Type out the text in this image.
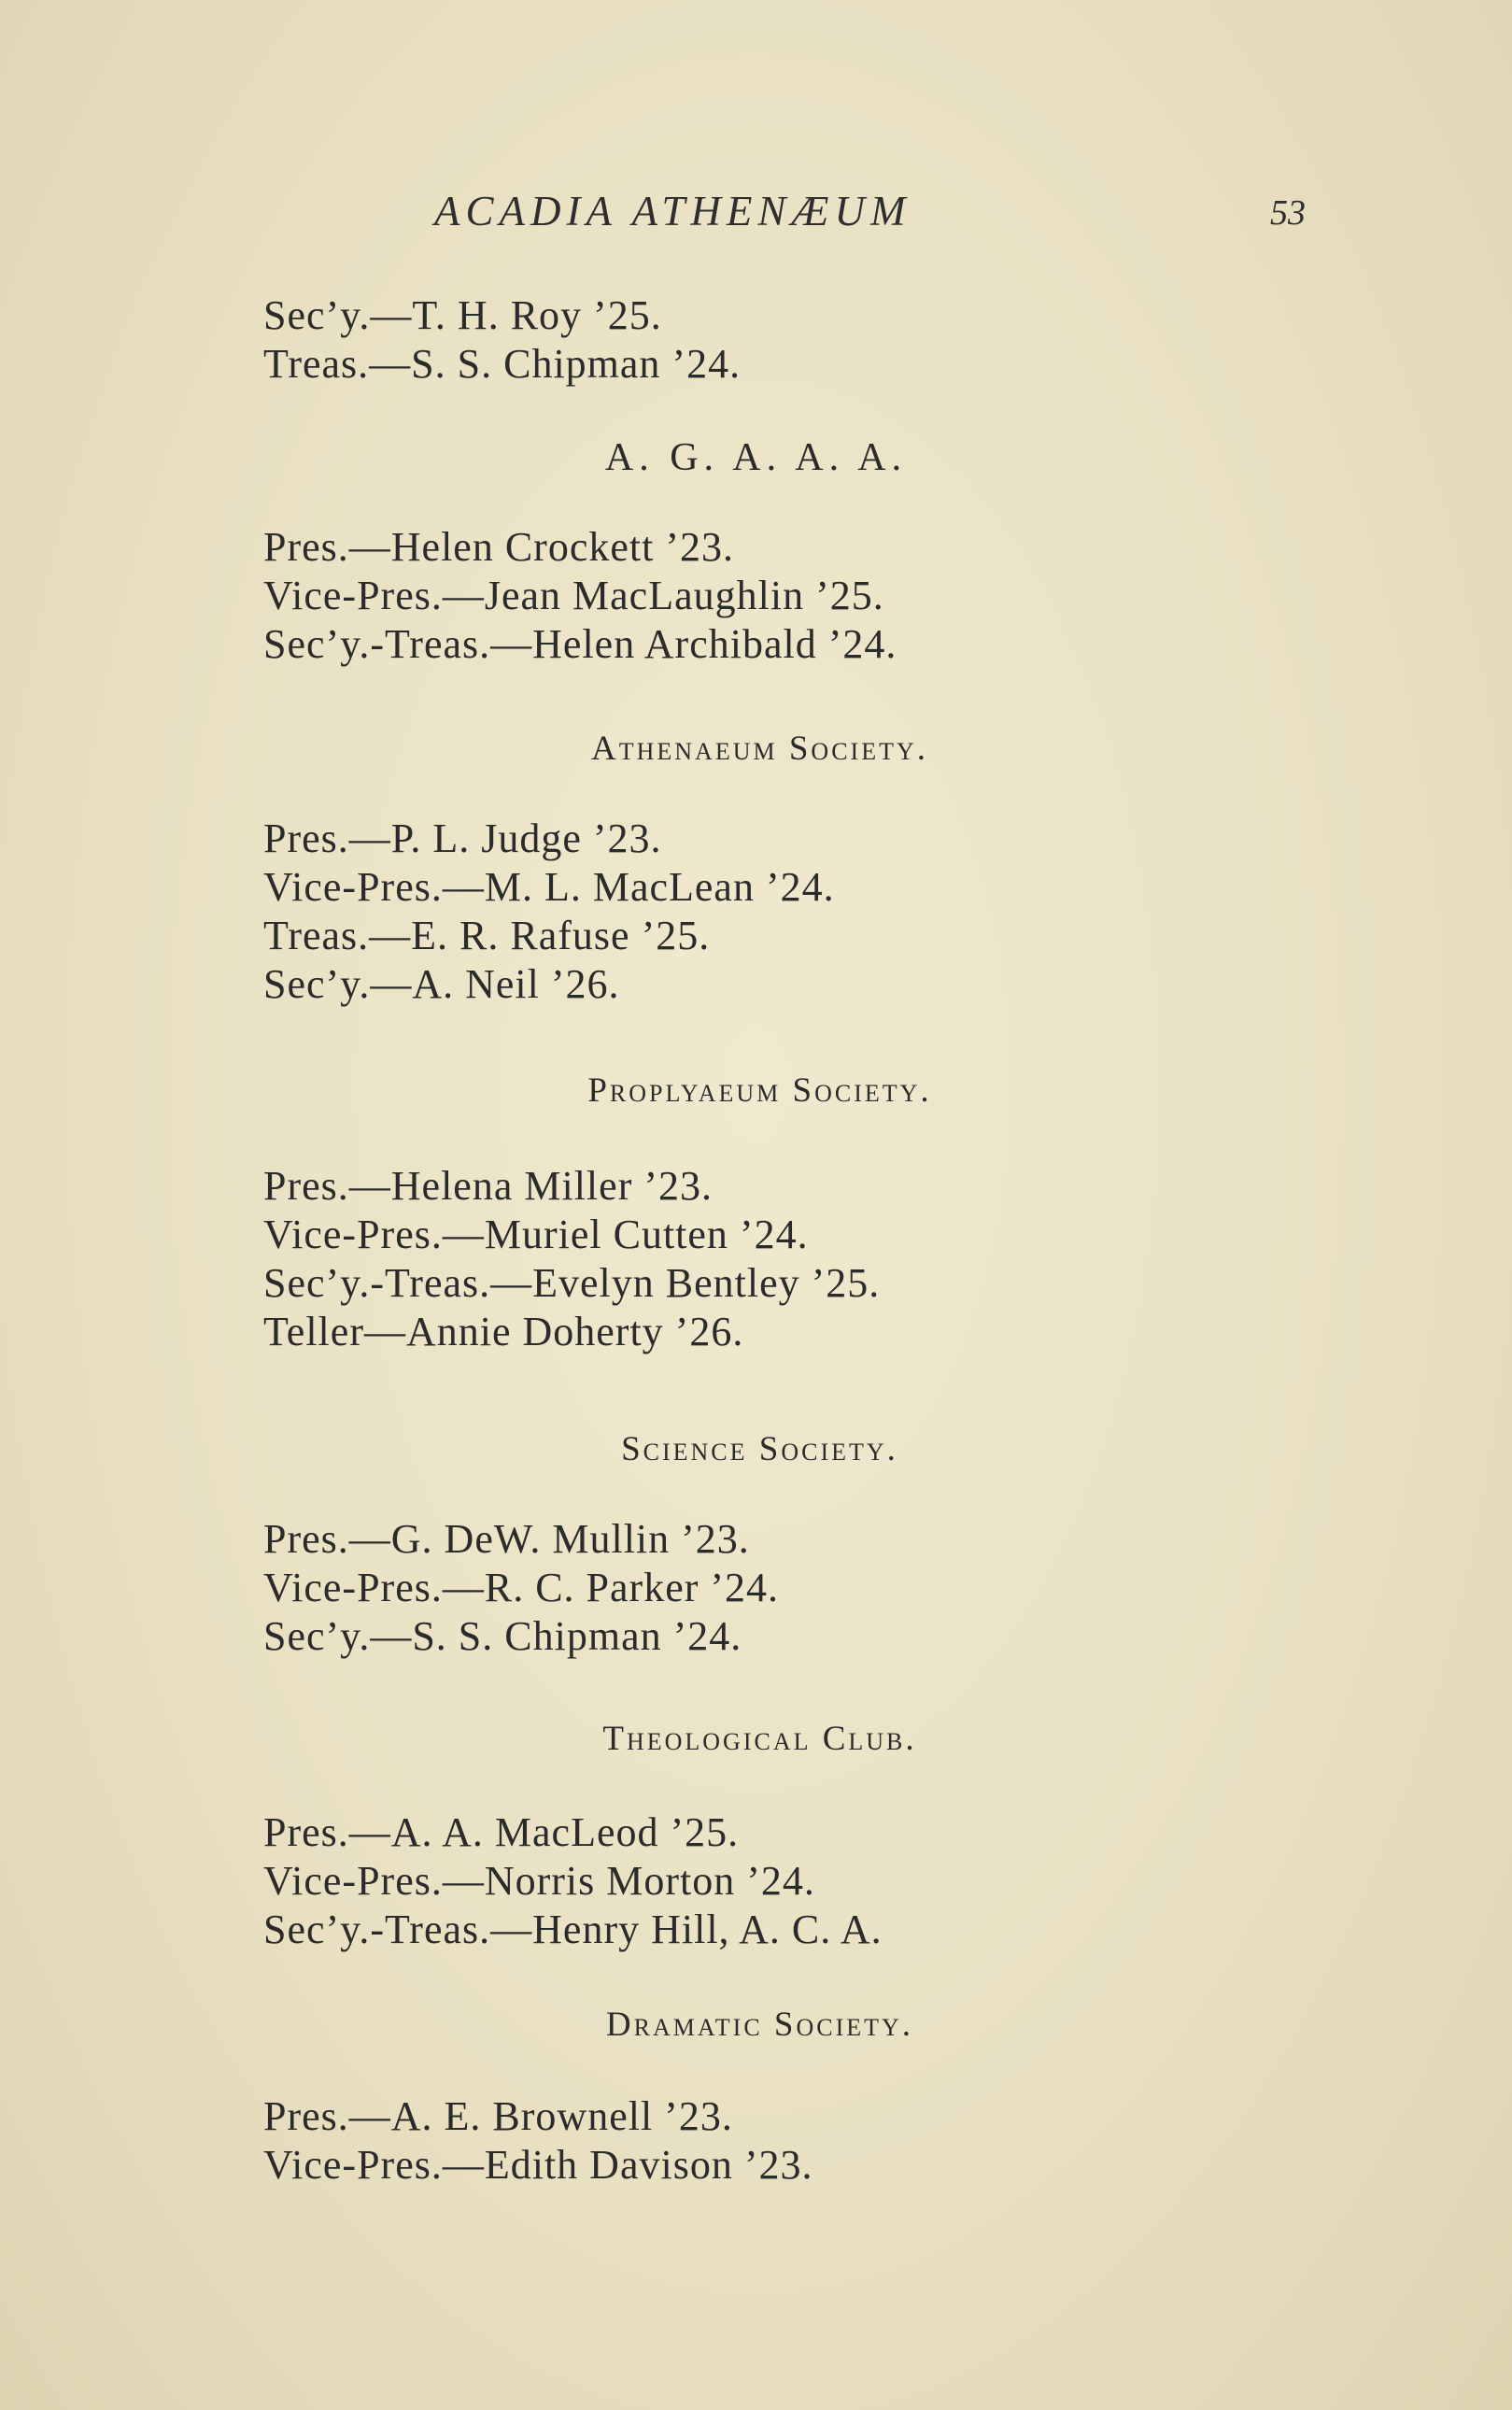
ACADIA ATHENÆUM	53
Sec’y.—T. H. Roy ’25.
Treas.—S. S. Chipman ’24.
A. G. A. A. A.
Pres.—Helen Crockett ’23.
Vice-Pres.—Jean MacLaughlin ’25.
Sec’y.-Treas.—Helen Archibald ’24.
Athenaeum Society.
Pres.—P. L. Judge ’23.
Vice-Pres.—M. L. MacLean ’24.
Treas.—E. R. Rafuse ’25.
Sec’y.—A. Neil ’26.
Proplyaeum Society.
Pres.—Helena Miller ’23.
Vice-Pres.—Muriel Cutten ’24.
Sec’y.-Treas.—Evelyn Bentley ’25.
Teller—Annie Doherty ’26.
Science Society.
Pres.—G. DeW. Mullin ’23.
Vice-Pres.—R. C. Parker ’24.
Sec’y.—S. S. Chipman ’24.
Theological Club.
Pres.—A. A. MacLeod ’25.
Vice-Pres.—Norris Morton ’24.
Sec’y.-Treas.—Henry Hill, A. C. A.
Dramatic Society.
Pres.—A. E. Brownell ’23.
Vice-Pres.—Edith Davison ’23.
